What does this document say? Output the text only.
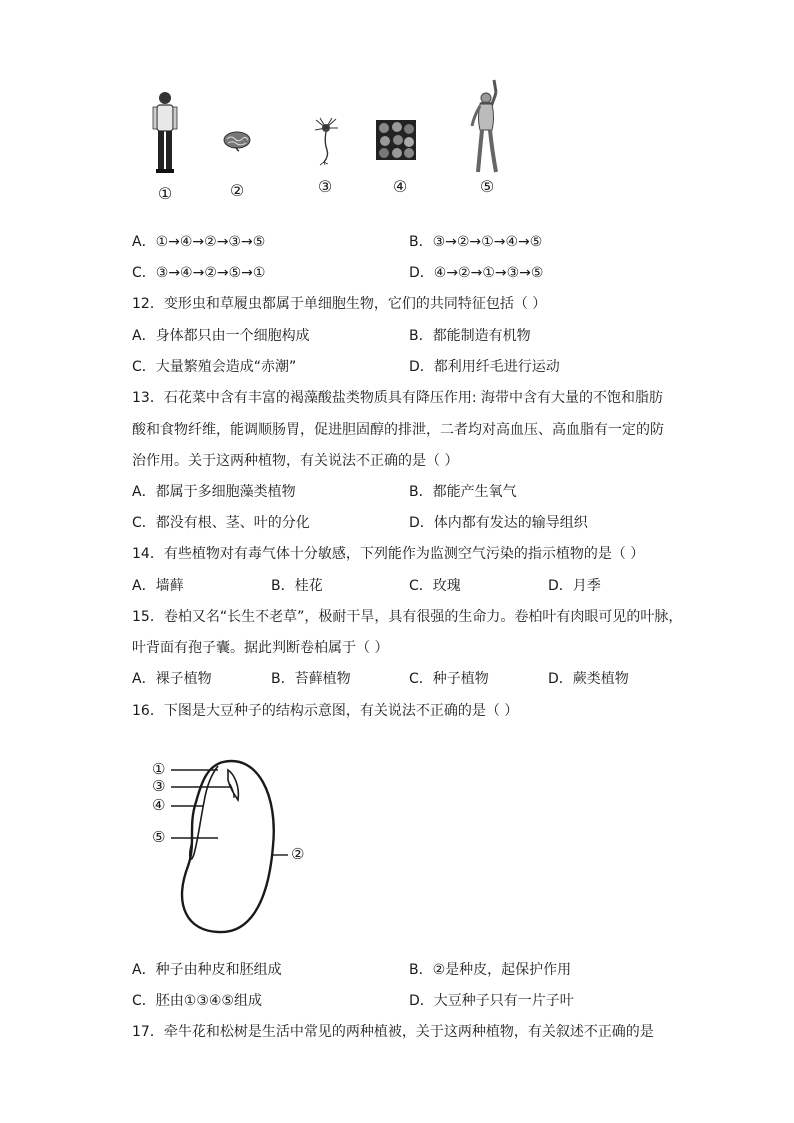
①	②	③	④	⑤
A．①→④→②→③→⑤	B．③→②→①→④→⑤
C．③→④→②→⑤→①	D．④→②→①→③→⑤
12．变形虫和草履虫都属于单细胞生物，它们的共同特征包括（ ）
A．身体都只由一个细胞构成	B．都能制造有机物
C．大量繁殖会造成“赤潮”	D．都利用纤毛进行运动
13．石花菜中含有丰富的褐藻酸盐类物质具有降压作用: 海带中含有大量的不饱和脂肪
酸和食物纤维，能调顺肠胃，促进胆固醇的排泄，二者均对高血压、高血脂有一定的防
治作用。关于这两种植物，有关说法不正确的是（ ）
A．都属于多细胞藻类植物	B．都能产生氧气
C．都没有根、茎、叶的分化	D．体内都有发达的输导组织
14．有些植物对有毒气体十分敏感，下列能作为监测空气污染的指示植物的是（ ）
A．墙藓	B．桂花	C．玫瑰	D．月季
15．卷柏又名“长生不老草”，极耐干旱，具有很强的生命力。卷柏叶有肉眼可见的叶脉，
叶背面有孢子囊。据此判断卷柏属于（ ）
A．裸子植物	B．苔藓植物	C．种子植物	D．蕨类植物
16．下图是大豆种子的结构示意图，有关说法不正确的是（ ）
①
③
④
⑤
②
A．种子由种皮和胚组成	B．②是种皮，起保护作用
C．胚由①③④⑤组成	D．大豆种子只有一片子叶
17．牵牛花和松树是生活中常见的两种植被，关于这两种植物，有关叙述不正确的是
